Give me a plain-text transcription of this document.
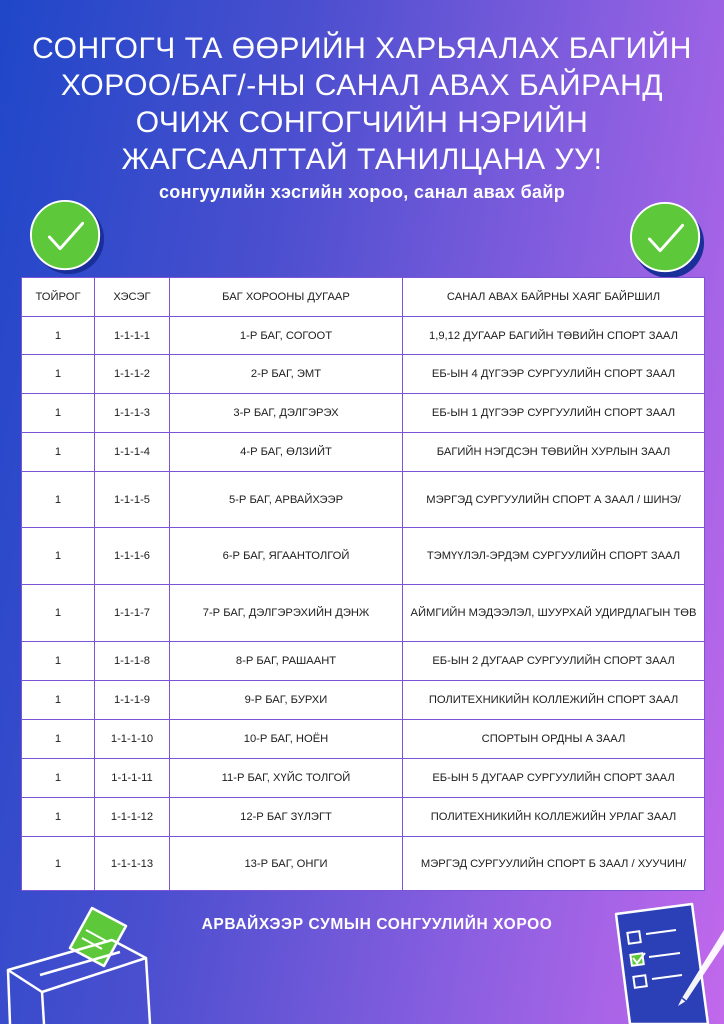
СОНГОГЧ ТА ӨӨРИЙН ХАРЬЯАЛАХ БАГИЙН ХОРОО/БАГ/-НЫ САНАЛ АВАХ БАЙРАНД ОЧИЖ СОНГОГЧИЙН НЭРИЙН ЖАГСААЛТТАЙ ТАНИЛЦАНА УУ!
сонгуулийн хэсгийн хороо, санал авах байр
ТОЙРОГ	ХЭСЭГ	БАГ ХОРООНЫ ДУГААР	САНАЛ АВАХ БАЙРНЫ ХАЯГ БАЙРШИЛ
1	1-1-1-1	1-Р БАГ, СОГООТ	1,9,12 ДУГААР БАГИЙН ТӨВИЙН СПОРТ ЗААЛ
1	1-1-1-2	2-Р БАГ, ЭМТ	ЕБ-ЫН 4 ДҮГЭЭР СУРГУУЛИЙН СПОРТ ЗААЛ
1	1-1-1-3	3-Р БАГ, ДЭЛГЭРЭХ	ЕБ-ЫН 1 ДҮГЭЭР СУРГУУЛИЙН СПОРТ ЗААЛ
1	1-1-1-4	4-Р БАГ, ӨЛЗИЙТ	БАГИЙН НЭГДСЭН ТӨВИЙН ХУРЛЫН ЗААЛ
1	1-1-1-5	5-Р БАГ, АРВАЙХЭЭР	МЭРГЭД СУРГУУЛИЙН СПОРТ А ЗААЛ / ШИНЭ/
1	1-1-1-6	6-Р БАГ, ЯГААНТОЛГОЙ	ТЭМҮҮЛЭЛ-ЭРДЭМ СУРГУУЛИЙН СПОРТ ЗААЛ
1	1-1-1-7	7-Р БАГ, ДЭЛГЭРЭХИЙН ДЭНЖ	АЙМГИЙН МЭДЭЭЛЭЛ, ШУУРХАЙ УДИРДЛАГЫН ТӨВ
1	1-1-1-8	8-Р БАГ, РАШААНТ	ЕБ-ЫН 2 ДУГААР СУРГУУЛИЙН СПОРТ ЗААЛ
1	1-1-1-9	9-Р БАГ, БУРХИ	ПОЛИТЕХНИКИЙН КОЛЛЕЖИЙН СПОРТ ЗААЛ
1	1-1-1-10	10-Р БАГ, НОЁН	СПОРТЫН ОРДНЫ А ЗААЛ
1	1-1-1-11	11-Р БАГ, ХҮЙС ТОЛГОЙ	ЕБ-ЫН 5 ДУГААР СУРГУУЛИЙН СПОРТ ЗААЛ
1	1-1-1-12	12-Р БАГ ЗҮЛЭГТ	ПОЛИТЕХНИКИЙН КОЛЛЕЖИЙН УРЛАГ ЗААЛ
1	1-1-1-13	13-Р БАГ, ОНГИ	МЭРГЭД СУРГУУЛИЙН СПОРТ Б ЗААЛ / ХУУЧИН/
АРВАЙХЭЭР СУМЫН СОНГУУЛИЙН ХОРОО
